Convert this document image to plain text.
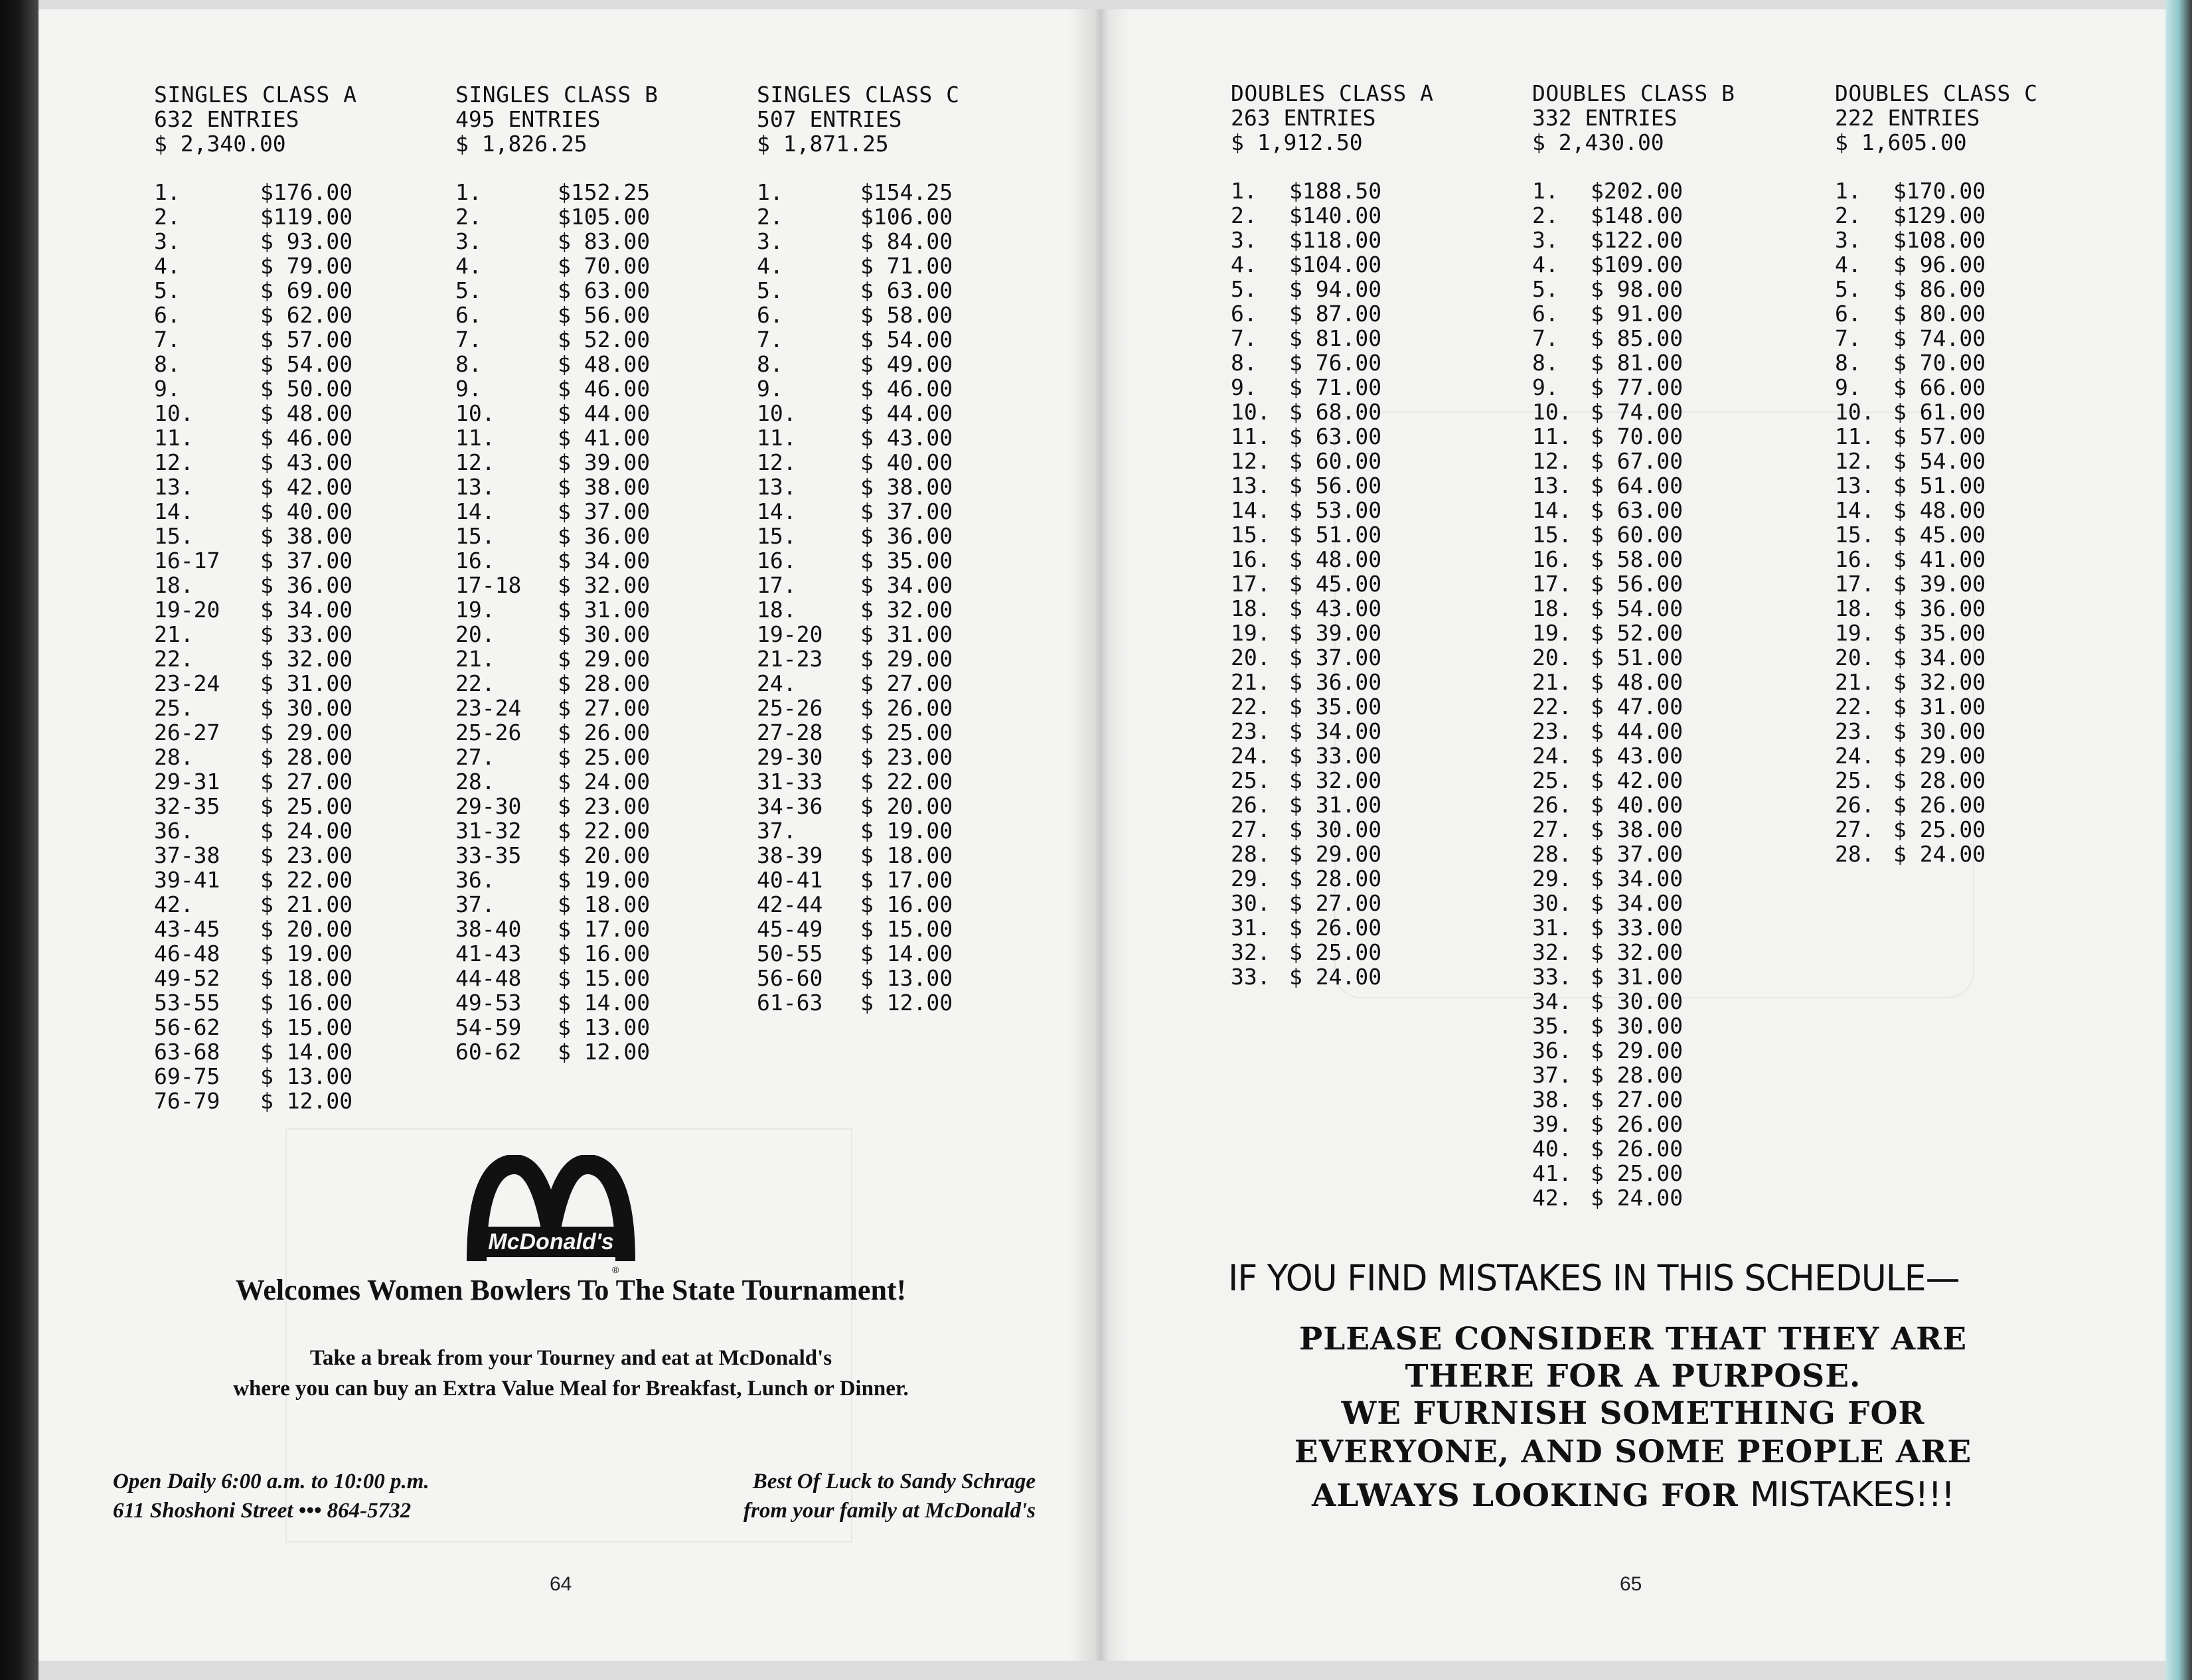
SINGLES CLASS A
632 ENTRIES
$ 2,340.00
1.	$176.00
2.	$119.00
3.	$ 93.00
4.	$ 79.00
5.	$ 69.00
6.	$ 62.00
7.	$ 57.00
8.	$ 54.00
9.	$ 50.00
10.	$ 48.00
11.	$ 46.00
12.	$ 43.00
13.	$ 42.00
14.	$ 40.00
15.	$ 38.00
16-17	$ 37.00
18.	$ 36.00
19-20	$ 34.00
21.	$ 33.00
22.	$ 32.00
23-24	$ 31.00
25.	$ 30.00
26-27	$ 29.00
28.	$ 28.00
29-31	$ 27.00
32-35	$ 25.00
36.	$ 24.00
37-38	$ 23.00
39-41	$ 22.00
42.	$ 21.00
43-45	$ 20.00
46-48	$ 19.00
49-52	$ 18.00
53-55	$ 16.00
56-62	$ 15.00
63-68	$ 14.00
69-75	$ 13.00
76-79	$ 12.00
SINGLES CLASS B
495 ENTRIES
$ 1,826.25
1.	$152.25
2.	$105.00
3.	$ 83.00
4.	$ 70.00
5.	$ 63.00
6.	$ 56.00
7.	$ 52.00
8.	$ 48.00
9.	$ 46.00
10.	$ 44.00
11.	$ 41.00
12.	$ 39.00
13.	$ 38.00
14.	$ 37.00
15.	$ 36.00
16.	$ 34.00
17-18	$ 32.00
19.	$ 31.00
20.	$ 30.00
21.	$ 29.00
22.	$ 28.00
23-24	$ 27.00
25-26	$ 26.00
27.	$ 25.00
28.	$ 24.00
29-30	$ 23.00
31-32	$ 22.00
33-35	$ 20.00
36.	$ 19.00
37.	$ 18.00
38-40	$ 17.00
41-43	$ 16.00
44-48	$ 15.00
49-53	$ 14.00
54-59	$ 13.00
60-62	$ 12.00
SINGLES CLASS C
507 ENTRIES
$ 1,871.25
1.	$154.25
2.	$106.00
3.	$ 84.00
4.	$ 71.00
5.	$ 63.00
6.	$ 58.00
7.	$ 54.00
8.	$ 49.00
9.	$ 46.00
10.	$ 44.00
11.	$ 43.00
12.	$ 40.00
13.	$ 38.00
14.	$ 37.00
15.	$ 36.00
16.	$ 35.00
17.	$ 34.00
18.	$ 32.00
19-20	$ 31.00
21-23	$ 29.00
24.	$ 27.00
25-26	$ 26.00
27-28	$ 25.00
29-30	$ 23.00
31-33	$ 22.00
34-36	$ 20.00
37.	$ 19.00
38-39	$ 18.00
40-41	$ 17.00
42-44	$ 16.00
45-49	$ 15.00
50-55	$ 14.00
56-60	$ 13.00
61-63	$ 12.00
McDonald's
®
Welcomes Women Bowlers To The State Tournament!
Take a break from your Tourney and eat at McDonald's
where you can buy an Extra Value Meal for Breakfast, Lunch or Dinner.
Open Daily 6:00 a.m. to 10:00 p.m.
611 Shoshoni Street ••• 864-5732
Best Of Luck to Sandy Schrage
from your family at McDonald's
64
DOUBLES CLASS A
263 ENTRIES
$ 1,912.50
1.	$188.50
2.	$140.00
3.	$118.00
4.	$104.00
5.	$ 94.00
6.	$ 87.00
7.	$ 81.00
8.	$ 76.00
9.	$ 71.00
10. $ 68.00
11. $ 63.00
12. $ 60.00
13. $ 56.00
14. $ 53.00
15. $ 51.00
16. $ 48.00
17. $ 45.00
18. $ 43.00
19. $ 39.00
20. $ 37.00
21. $ 36.00
22. $ 35.00
23. $ 34.00
24. $ 33.00
25. $ 32.00
26. $ 31.00
27. $ 30.00
28. $ 29.00
29. $ 28.00
30. $ 27.00
31. $ 26.00
32. $ 25.00
33. $ 24.00
DOUBLES CLASS B
332 ENTRIES
$ 2,430.00
1.	$202.00
2.	$148.00
3.	$122.00
4.	$109.00
5.	$ 98.00
6.	$ 91.00
7.	$ 85.00
8.	$ 81.00
9.	$ 77.00
10. $ 74.00
11. $ 70.00
12. $ 67.00
13. $ 64.00
14. $ 63.00
15. $ 60.00
16. $ 58.00
17. $ 56.00
18. $ 54.00
19. $ 52.00
20. $ 51.00
21. $ 48.00
22. $ 47.00
23. $ 44.00
24. $ 43.00
25. $ 42.00
26. $ 40.00
27. $ 38.00
28. $ 37.00
29. $ 34.00
30. $ 34.00
31. $ 33.00
32. $ 32.00
33. $ 31.00
34. $ 30.00
35. $ 30.00
36. $ 29.00
37. $ 28.00
38. $ 27.00
39. $ 26.00
40. $ 26.00
41. $ 25.00
42. $ 24.00
DOUBLES CLASS C
222 ENTRIES
$ 1,605.00
1.	$170.00
2.	$129.00
3.	$108.00
4.	$ 96.00
5.	$ 86.00
6.	$ 80.00
7.	$ 74.00
8.	$ 70.00
9.	$ 66.00
10. $ 61.00
11. $ 57.00
12. $ 54.00
13. $ 51.00
14. $ 48.00
15. $ 45.00
16. $ 41.00
17. $ 39.00
18. $ 36.00
19. $ 35.00
20. $ 34.00
21. $ 32.00
22. $ 31.00
23. $ 30.00
24. $ 29.00
25. $ 28.00
26. $ 26.00
27. $ 25.00
28. $ 24.00
IF YOU FIND MISTAKES IN THIS SCHEDULE—
PLEASE CONSIDER THAT THEY ARE
THERE FOR A PURPOSE.
WE FURNISH SOMETHING FOR
EVERYONE, AND SOME PEOPLE ARE
ALWAYS LOOKING FOR MISTAKES!!!
65
